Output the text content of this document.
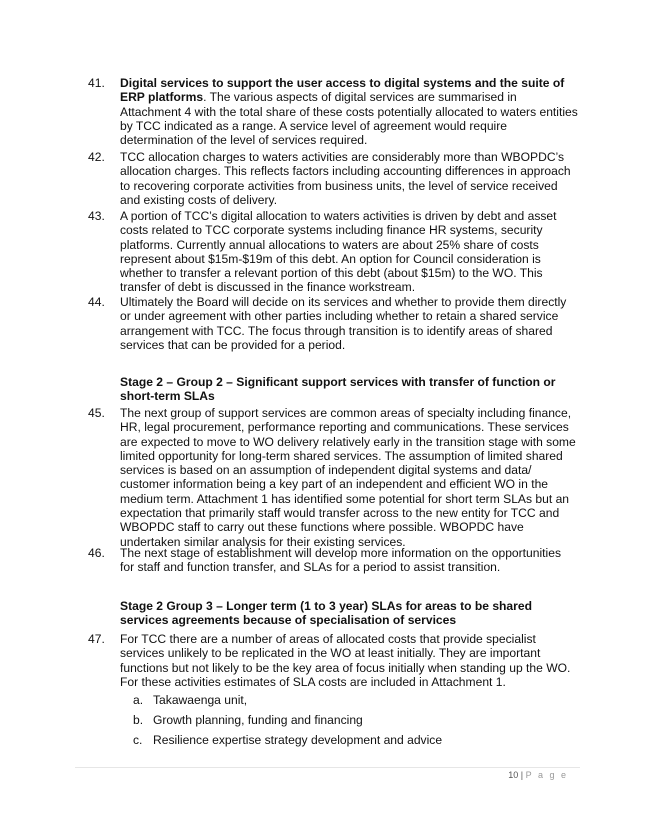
41.	Digital services to support the user access to digital systems and the suite of ERP platforms. The various aspects of digital services are summarised in Attachment 4 with the total share of these costs potentially allocated to waters entities by TCC indicated as a range. A service level of agreement would require determination of the level of services required.
42.	TCC allocation charges to waters activities are considerably more than WBOPDC’s allocation charges. This reflects factors including accounting differences in approach to recovering corporate activities from business units, the level of service received and existing costs of delivery.
43.	A portion of TCC’s digital allocation to waters activities is driven by debt and asset costs related to TCC corporate systems including finance HR systems, security platforms. Currently annual allocations to waters are about 25% share of costs represent about $15m-$19m of this debt. An option for Council consideration is whether to transfer a relevant portion of this debt (about $15m) to the WO. This transfer of debt is discussed in the finance workstream.
44.	Ultimately the Board will decide on its services and whether to provide them directly or under agreement with other parties including whether to retain a shared service arrangement with TCC. The focus through transition is to identify areas of shared services that can be provided for a period.
Stage 2 – Group 2 – Significant support services with transfer of function or short-term SLAs
45.	The next group of support services are common areas of specialty including finance, HR, legal procurement, performance reporting and communications. These services are expected to move to WO delivery relatively early in the transition stage with some limited opportunity for long-term shared services. The assumption of limited shared services is based on an assumption of independent digital systems and data/ customer information being a key part of an independent and efficient WO in the medium term. Attachment 1 has identified some potential for short term SLAs but an expectation that primarily staff would transfer across to the new entity for TCC and WBOPDC staff to carry out these functions where possible. WBOPDC have undertaken similar analysis for their existing services.
46.	The next stage of establishment will develop more information on the opportunities for staff and function transfer, and SLAs for a period to assist transition.
Stage 2 Group 3 – Longer term (1 to 3 year) SLAs for areas to be shared services agreements because of specialisation of services
47.	For TCC there are a number of areas of allocated costs that provide specialist services unlikely to be replicated in the WO at least initially. They are important functions but not likely to be the key area of focus initially when standing up the WO. For these activities estimates of SLA costs are included in Attachment 1.
a. Takawaenga unit,
b. Growth planning, funding and financing
c. Resilience expertise strategy development and advice
10 | P a g e
